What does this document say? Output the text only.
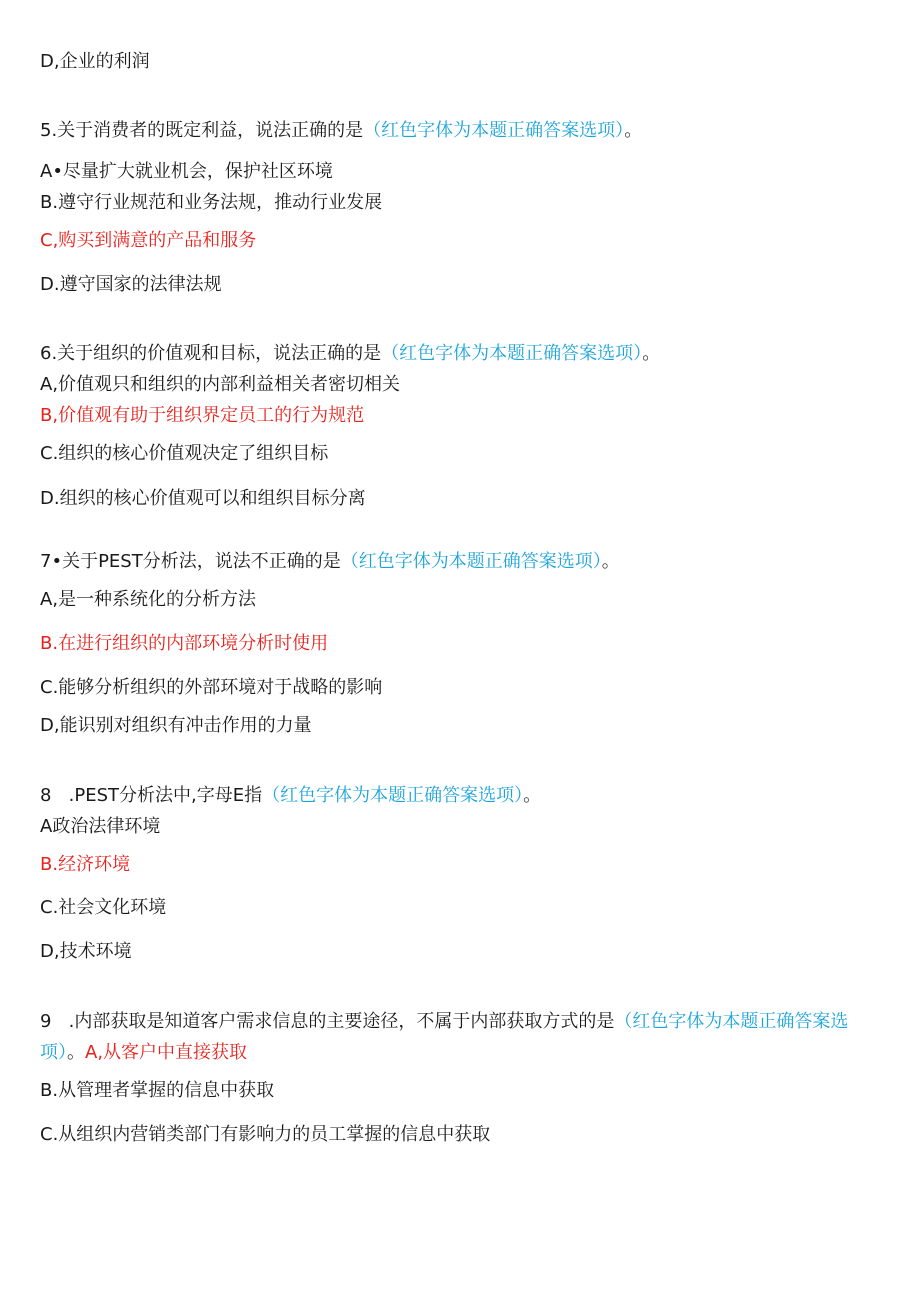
D,企业的利润
5.关于消费者的既定利益，说法正确的是（红色字体为本题正确答案选项）。
A•尽量扩大就业机会，保护社区环境
B.遵守行业规范和业务法规，推动行业发展
C,购买到满意的产品和服务
D.遵守国家的法律法规
6.关于组织的价值观和目标，说法正确的是（红色字体为本题正确答案选项）。
A,价值观只和组织的内部利益相关者密切相关
B,价值观有助于组织界定员工的行为规范
C.组织的核心价值观决定了组织目标
D.组织的核心价值观可以和组织目标分离
7•关于PEST分析法，说法不正确的是（红色字体为本题正确答案选项）。
A,是一种系统化的分析方法
B.在进行组织的内部环境分析时使用
C.能够分析组织的外部环境对于战略的影响
D,能识别对组织有冲击作用的力量
8   .PEST分析法中,字母E指（红色字体为本题正确答案选项）。
A政治法律环境
B.经济环境
C.社会文化环境
D,技术环境
9   .内部获取是知道客户需求信息的主要途径，不属于内部获取方式的是（红色字体为本题正确答案选
项）。A,从客户中直接获取
B.从管理者掌握的信息中获取
C.从组织内营销类部门有影响力的员工掌握的信息中获取
